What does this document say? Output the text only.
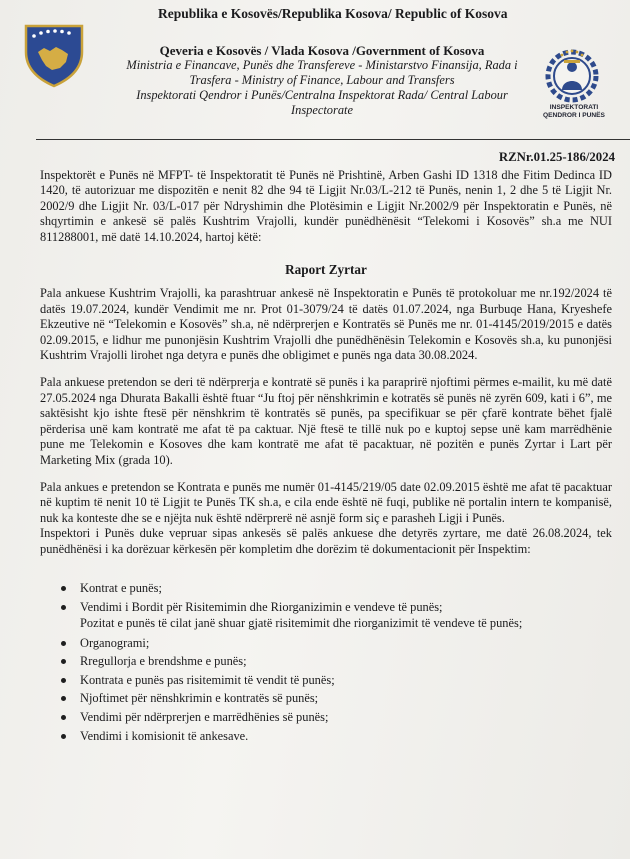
Republika e Kosovës/Republika Kosova/ Republic of Kosova
Qeveria e Kosovës / Vlada Kosova /Government of Kosova
Ministria e Financave, Punës dhe Transfereve - Ministarstvo Finansija, Rada i Trasfera - Ministry of Finance, Labour and Transfers
Inspektorati Qendror i Punës/Centralna Inspektorat Rada/ Central Labour Inspectorate	INSPEKTORATI
QENDROR I PUNËS
RZNr.01.25-186/2024

Inspektorët e Punës në MFPT- të Inspektoratit të Punës në Prishtinë, Arben Gashi ID 1318 dhe Fitim Dedinca ID 1420, të autorizuar me dispozitën e nenit 82 dhe 94 të Ligjit Nr.03/L-212 të Punës, nenin 1, 2 dhe 5 të Ligjit Nr. 2002/9 dhe Ligjit Nr. 03/L-017 për Ndryshimin dhe Plotësimin e Ligjit Nr.2002/9 për Inspektoratin e Punës, në shqyrtimin e ankesë së palës Kushtrim Vrajolli, kundër punëdhënësit “Telekomi i Kosovës” sh.a me NUI 811288001, më datë 14.10.2024, hartoj këtë:

Raport Zyrtar

Pala ankuese Kushtrim Vrajolli, ka parashtruar ankesë në Inspektoratin e Punës të protokoluar me nr.192/2024 të datës 19.07.2024, kundër Vendimit me nr. Prot 01-3079/24 të datës 01.07.2024, nga Burbuqe Hana, Kryeshefe Ekzeutive në “Telekomin e Kosovës” sh.a, në ndërprerjen e Kontratës së Punës me nr. 01-4145/2019/2015 e datës 02.09.2015, e lidhur me punonjësin Kushtrim Vrajolli dhe punëdhënësin Telekomin e Kosovës sh.a, ku punonjësi Kushtrim Vrajolli lirohet nga detyra e punës dhe obligimet e punës nga data 30.08.2024.

Pala ankuese pretendon se deri të ndërprerja e kontratë së punës i ka paraprirë njoftimi përmes e-mailit, ku më datë 27.05.2024 nga Dhurata Bakalli është ftuar “Ju ftoj për nënshkrimin e kotratës së punës në zyrën 609, kati i 6”, me saktësisht kjo ishte ftesë për nënshkrim të kontratës së punës, pa specifikuar se për çfarë kontrate bëhet fjalë përderisa unë kam kontratë me afat të pa caktuar. Një ftesë te tillë nuk po e kuptoj sepse unë kam marrëdhënie pune me Telekomin e Kosoves dhe kam kontratë me afat të pacaktuar, në pozitën e punës Zyrtar i Lart për Marketing Mix (grada 10).

Pala ankues e pretendon se Kontrata e punës me numër 01-4145/219/05 date 02.09.2015 është me afat të pacaktuar në kuptim të nenit 10 të Ligjit te Punës TK sh.a, e cila ende është në fuqi, publike në portalin intern te kompanisë, nuk ka konteste dhe se e njëjta nuk është ndërprerë në asnjë form siç e parasheh Ligji i Punës.

Inspektori i Punës duke vepruar sipas ankesës së palës ankuese dhe detyrës zyrtare, me datë 26.08.2024, tek punëdhënësi i ka dorëzuar kërkesën për kompletim dhe dorëzim të dokumentacionit për Inspektim:

Kontrat e punës;
Vendimi i Bordit për Risitemimin dhe Riorganizimin e vendeve të punës;

Pozitat e punës të cilat janë shuar gjatë risitemimit dhe riorganizimit të vendeve të punës;

Organogrami;
Rregullorja e brendshme e punës;
Kontrata e punës pas risitemimit të vendit të punës;
Njoftimet për nënshkrimin e kontratës së punës;
Vendimi për ndërprerjen e marrëdhënies së punës;
Vendimi i komisionit të ankesave.
